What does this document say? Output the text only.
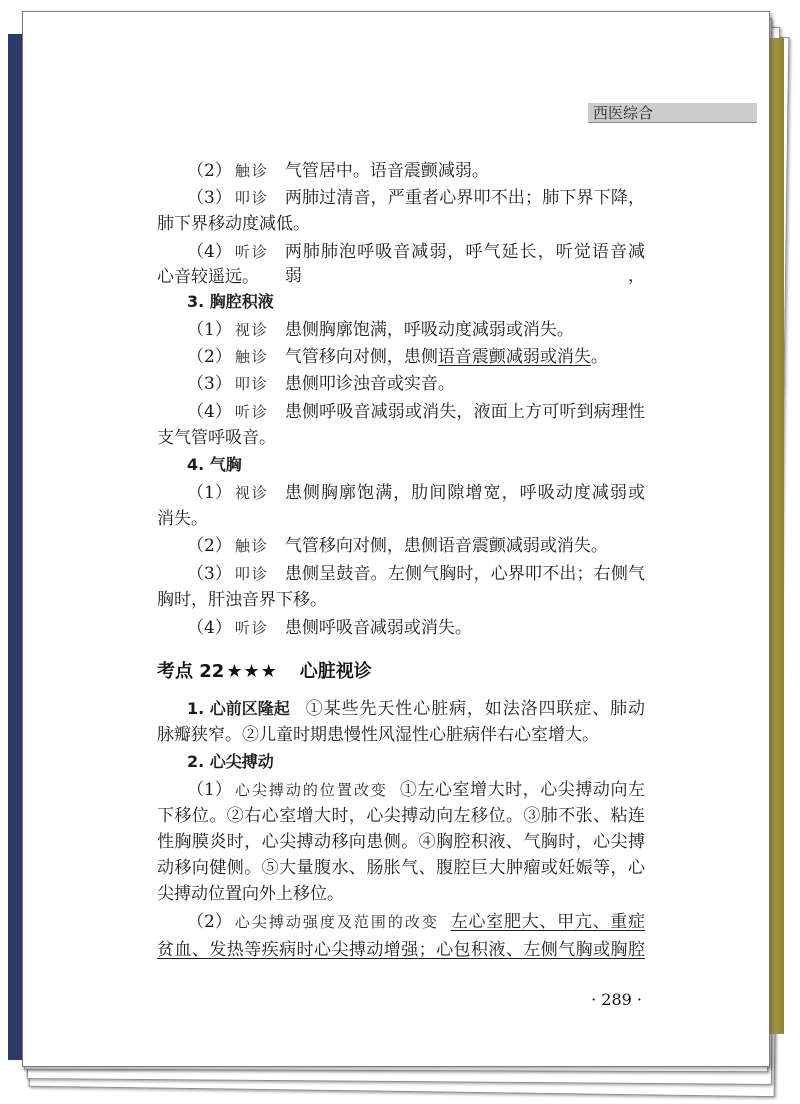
西医综合
（2） 触诊 气管居中。语音震颤减弱。
（3） 叩诊 两肺过清音，严重者心界叩不出；肺下界下降，
肺下界移动度减低。
（4） 听诊 两肺肺泡呼吸音减弱，呼气延长，听觉语音减弱，
心音较遥远。
3. 胸腔积液
（1） 视诊 患侧胸廓饱满，呼吸动度减弱或消失。
（2） 触诊 气管移向对侧，患侧语音震颤减弱或消失。
（3） 叩诊 患侧叩诊浊音或实音。
（4） 听诊 患侧呼吸音减弱或消失，液面上方可听到病理性
支气管呼吸音。
4. 气胸
（1） 视诊 患侧胸廓饱满，肋间隙增宽，呼吸动度减弱或
消失。
（2） 触诊 气管移向对侧，患侧语音震颤减弱或消失。
（3） 叩诊 患侧呈鼓音。左侧气胸时，心界叩不出；右侧气
胸时，肝浊音界下移。
（4） 听诊 患侧呼吸音减弱或消失。
考点 22 ★★★ 心脏视诊
1. 心前区隆起 ①某些先天性心脏病，如法洛四联症、肺动
脉瓣狭窄。②儿童时期患慢性风湿性心脏病伴右心室增大。
2. 心尖搏动
（1） 心尖搏动的位置改变 ①左心室增大时，心尖搏动向左
下移位。②右心室增大时，心尖搏动向左移位。③肺不张、粘连
性胸膜炎时，心尖搏动移向患侧。④胸腔积液、气胸时，心尖搏
动移向健侧。⑤大量腹水、肠胀气、腹腔巨大肿瘤或妊娠等，心
尖搏动位置向外上移位。
（2） 心尖搏动强度及范围的改变 左心室肥大、甲亢、重症
贫血、发热等疾病时心尖搏动增强；心包积液、左侧气胸或胸腔
· 289 ·
